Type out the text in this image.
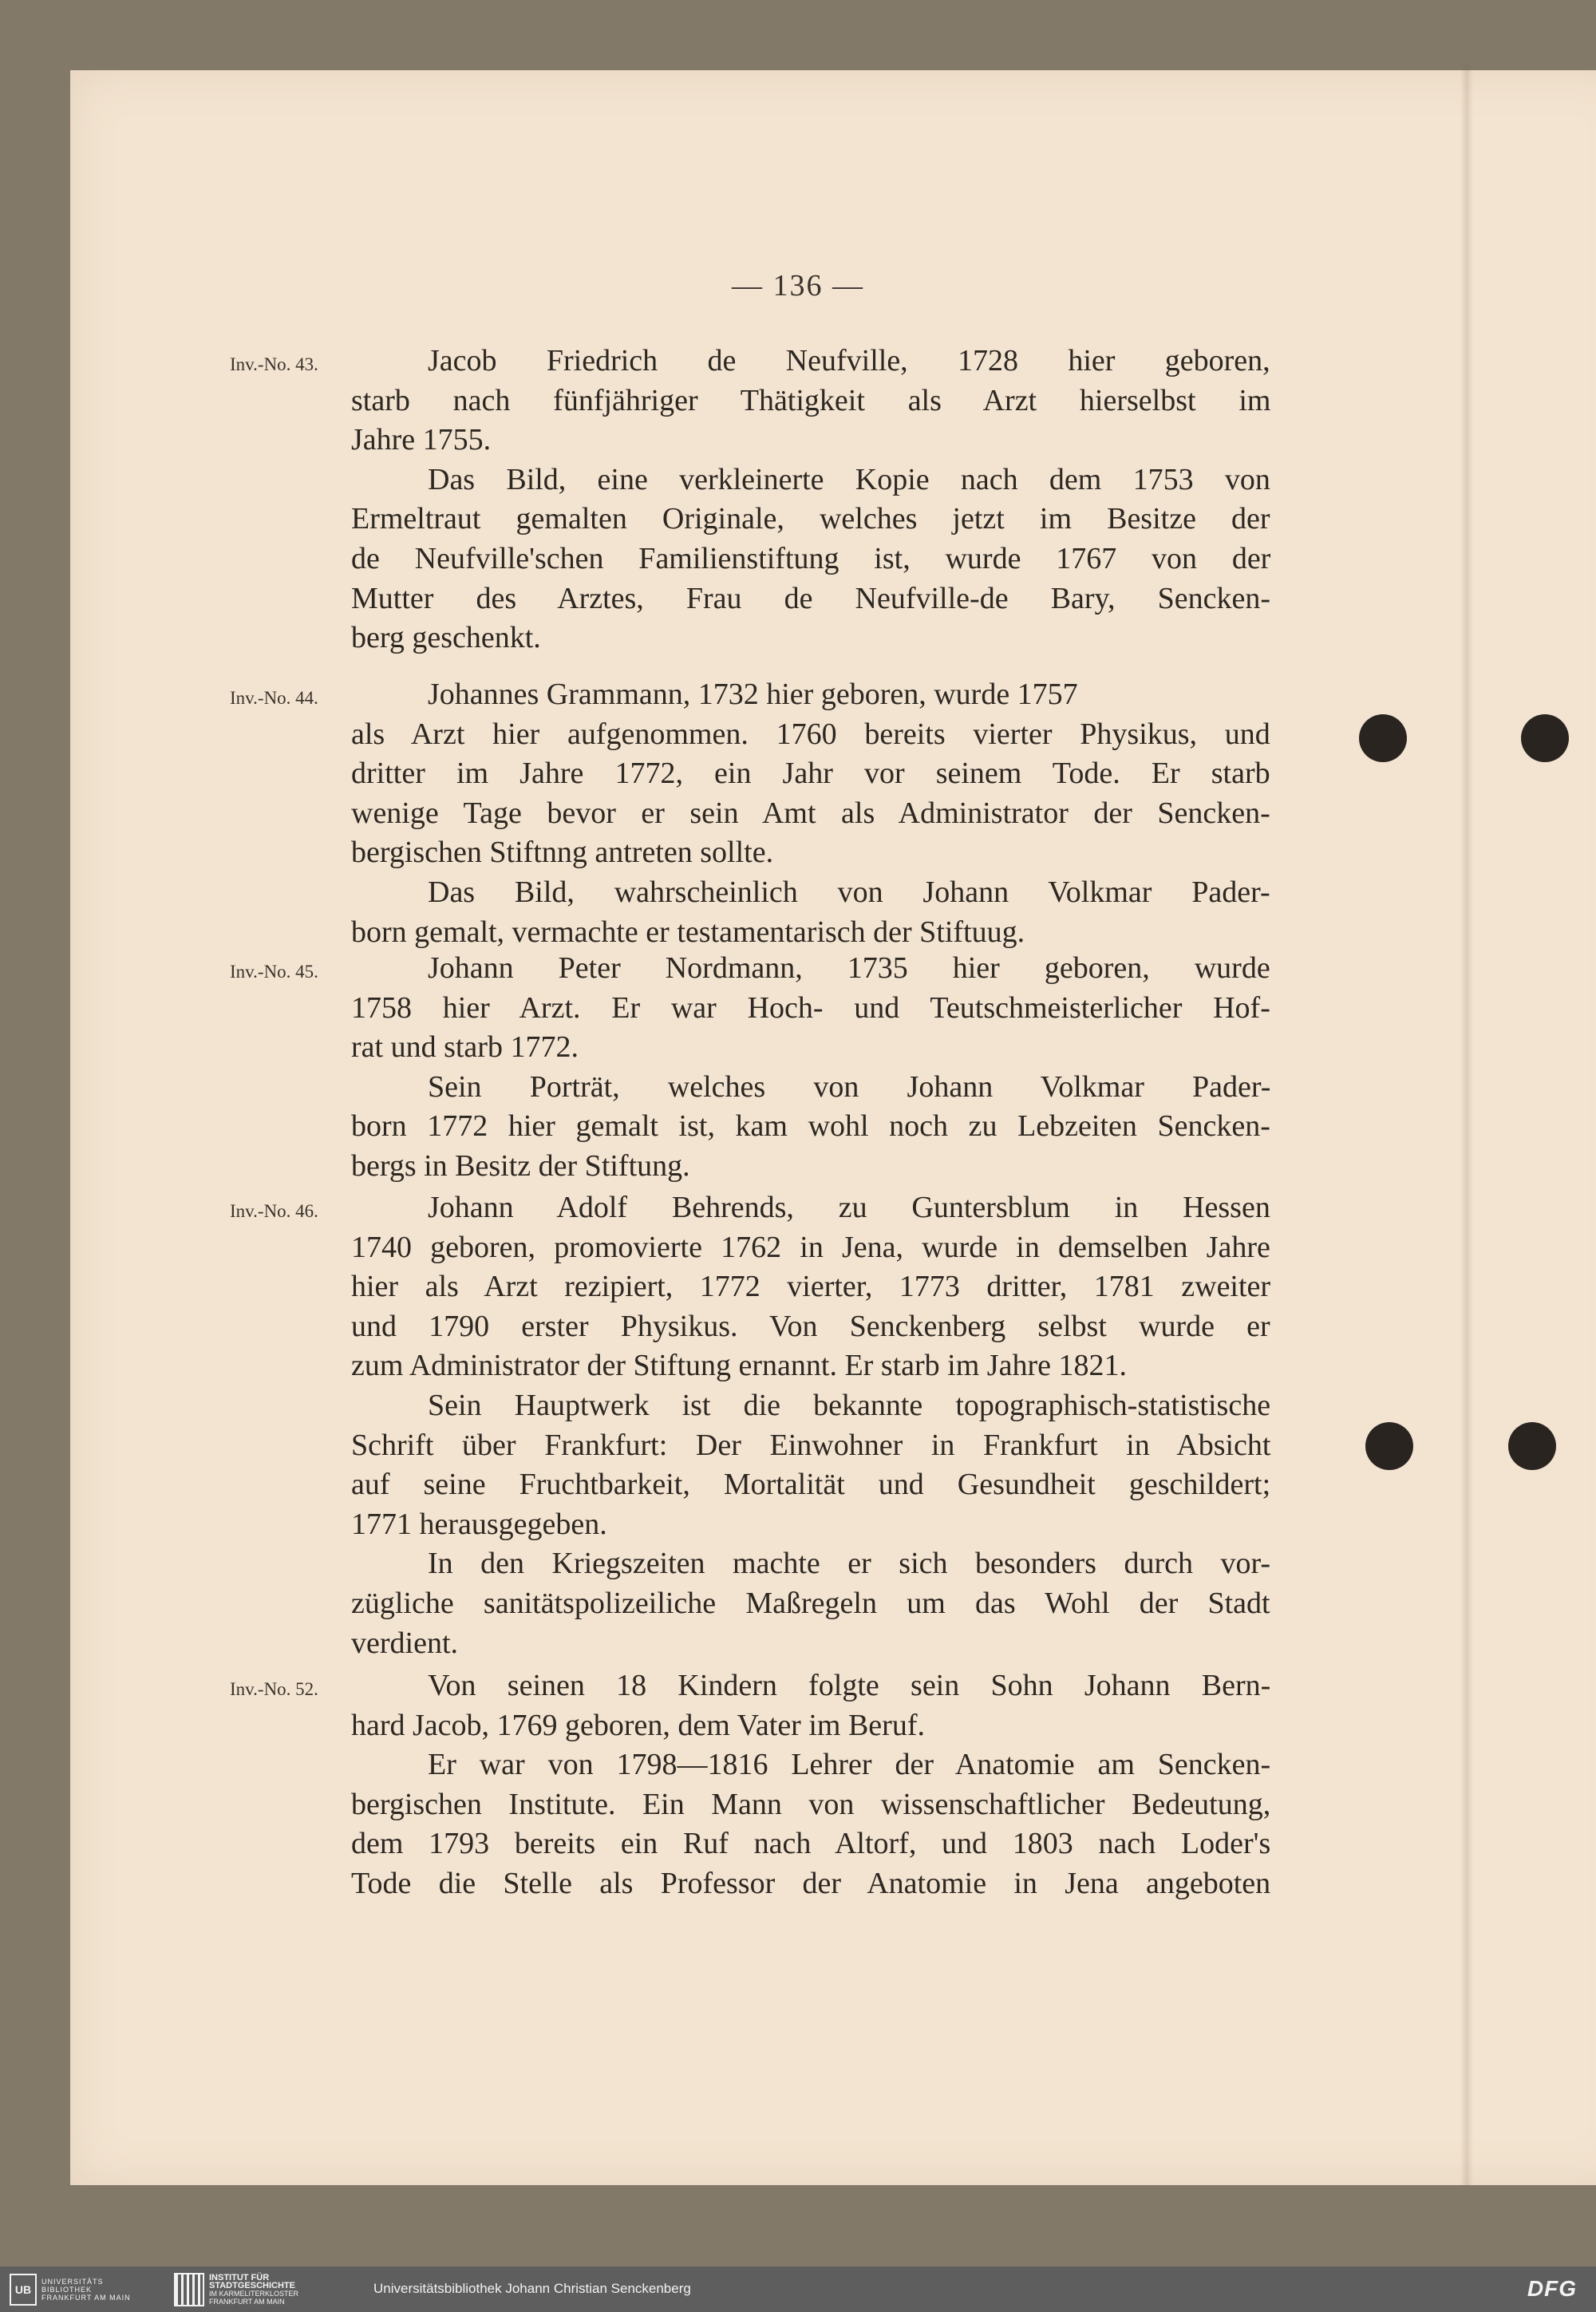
— 136 —
Inv.-No. 43.	Jacob Friedrich de Neufville, 1728 hier geboren,
starb nach fünfjähriger Thätigkeit als Arzt hierselbst im
Jahre 1755.
Das Bild, eine verkleinerte Kopie nach dem 1753 von
Ermeltraut gemalten Originale, welches jetzt im Besitze der
de Neufville'schen Familienstiftung ist, wurde 1767 von der
Mutter des Arztes, Frau de Neufville-de Bary, Sencken-
berg geschenkt.
Inv.-No. 44.	Johannes Grammann, 1732 hier geboren, wurde 1757
als Arzt hier aufgenommen. 1760 bereits vierter Physikus, und
dritter im Jahre 1772, ein Jahr vor seinem Tode. Er starb
wenige Tage bevor er sein Amt als Administrator der Sencken-
bergischen Stiftnng antreten sollte.
Das Bild, wahrscheinlich von Johann Volkmar Pader-
born gemalt, vermachte er testamentarisch der Stiftuug.
Inv.-No. 45.	Johann Peter Nordmann, 1735 hier geboren, wurde
1758 hier Arzt. Er war Hoch- und Teutschmeisterlicher Hof-
rat und starb 1772.
Sein Porträt, welches von Johann Volkmar Pader-
born 1772 hier gemalt ist, kam wohl noch zu Lebzeiten Sencken-
bergs in Besitz der Stiftung.
Inv.-No. 46.	Johann Adolf Behrends, zu Guntersblum in Hessen
1740 geboren, promovierte 1762 in Jena, wurde in demselben Jahre
hier als Arzt rezipiert, 1772 vierter, 1773 dritter, 1781 zweiter
und 1790 erster Physikus. Von Senckenberg selbst wurde er
zum Administrator der Stiftung ernannt. Er starb im Jahre 1821.
Sein Hauptwerk ist die bekannte topographisch-statistische
Schrift über Frankfurt: Der Einwohner in Frankfurt in Absicht
auf seine Fruchtbarkeit, Mortalität und Gesundheit geschildert;
1771 herausgegeben.
In den Kriegszeiten machte er sich besonders durch vor-
zügliche sanitätspolizeiliche Maßregeln um das Wohl der Stadt
verdient.
Inv.-No. 52.	Von seinen 18 Kindern folgte sein Sohn Johann Bern-
hard Jacob, 1769 geboren, dem Vater im Beruf.
Er war von 1798—1816 Lehrer der Anatomie am Sencken-
bergischen Institute. Ein Mann von wissenschaftlicher Bedeutung,
dem 1793 bereits ein Ruf nach Altorf, und 1803 nach Loder's
Tode die Stelle als Professor der Anatomie in Jena angeboten
UB
UNIVERSITÄTS
BIBLIOTHEK
FRANKFURT AM MAIN
INSTITUT FÜR
STADTGESCHICHTE
IM KARMELITERKLOSTER
FRANKFURT AM MAIN
Universitätsbibliothek Johann Christian Senckenberg	DFG
